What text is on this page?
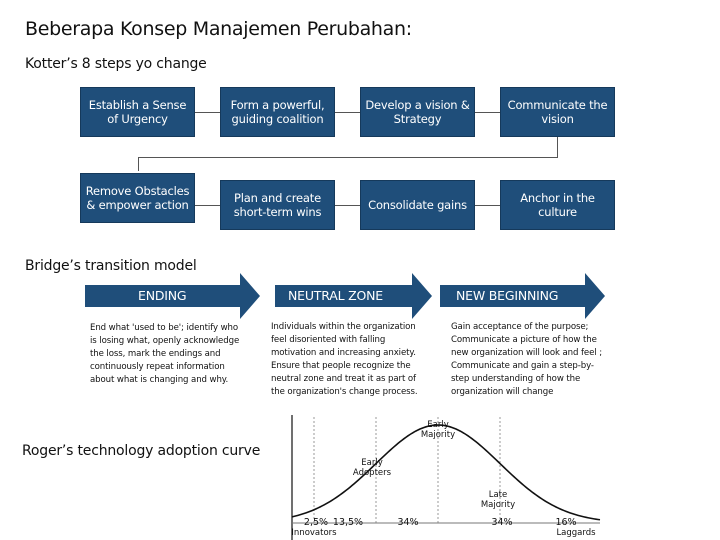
Beberapa Konsep Manajemen Perubahan:
Kotter’s 8 steps yo change
Establish a Sense of Urgency
Form a powerful, guiding coalition
Develop a vision & Strategy
Communicate the vision
Remove Obstacles & empower action	Plan and create short-term wins	Consolidate gains	Anchor in the culture
Bridge’s transition model
ENDING	NEUTRAL ZONE	NEW BEGINNING
End what 'used to be'; identify who is losing what, openly acknowledge the loss, mark the endings and continuously repeat information about what is changing and why.
Individuals within the organization feel disoriented with falling motivation and increasing anxiety. Ensure that people recognize the neutral zone and treat it as part of the organization's change process.
Gain acceptance of the purpose; Communicate a picture of how the new organization will look and feel ; Communicate and gain a step-by-step understanding of how the organization will change
Roger’s technology adoption curve
2,5%
Innovators
13,5%
Early Adopters
34%
Early Majority
34%
Late Majority
16%
Laggards
